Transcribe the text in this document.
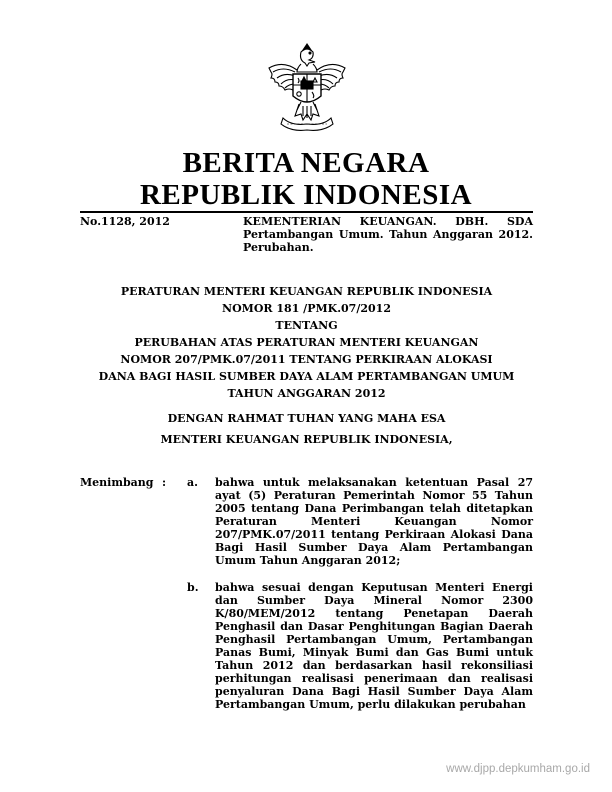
BERITA NEGARA
REPUBLIK INDONESIA

No.1128, 2012	KEMENTERIAN KEUANGAN. DBH. SDA Pertambangan Umum. Tahun Anggaran 2012. Perubahan.

PERATURAN MENTERI KEUANGAN REPUBLIK INDONESIA

NOMOR 181 /PMK.07/2012

TENTANG

PERUBAHAN ATAS PERATURAN MENTERI KEUANGAN

NOMOR 207/PMK.07/2011 TENTANG PERKIRAAN ALOKASI

DANA BAGI HASIL SUMBER DAYA ALAM PERTAMBANGAN UMUM

TAHUN ANGGARAN 2012

DENGAN RAHMAT TUHAN YANG MAHA ESA

MENTERI KEUANGAN REPUBLIK INDONESIA,

Menimbang : a. bahwa untuk melaksanakan ketentuan Pasal 27 ayat (5) Peraturan Pemerintah Nomor 55 Tahun 2005 tentang Dana Perimbangan telah ditetapkan Peraturan Menteri Keuangan Nomor 207/PMK.07/2011 tentang Perkiraan Alokasi Dana Bagi Hasil Sumber Daya Alam Pertambangan Umum Tahun Anggaran 2012;

b. bahwa sesuai dengan Keputusan Menteri Energi dan Sumber Daya Mineral Nomor 2300 K/80/MEM/2012 tentang Penetapan Daerah Penghasil dan Dasar Penghitungan Bagian Daerah Penghasil Pertambangan Umum, Pertambangan Panas Bumi, Minyak Bumi dan Gas Bumi untuk Tahun 2012 dan berdasarkan hasil rekonsiliasi perhitungan realisasi penerimaan dan realisasi penyaluran Dana Bagi Hasil Sumber Daya Alam Pertambangan Umum, perlu dilakukan perubahan

www.djpp.depkumham.go.id
